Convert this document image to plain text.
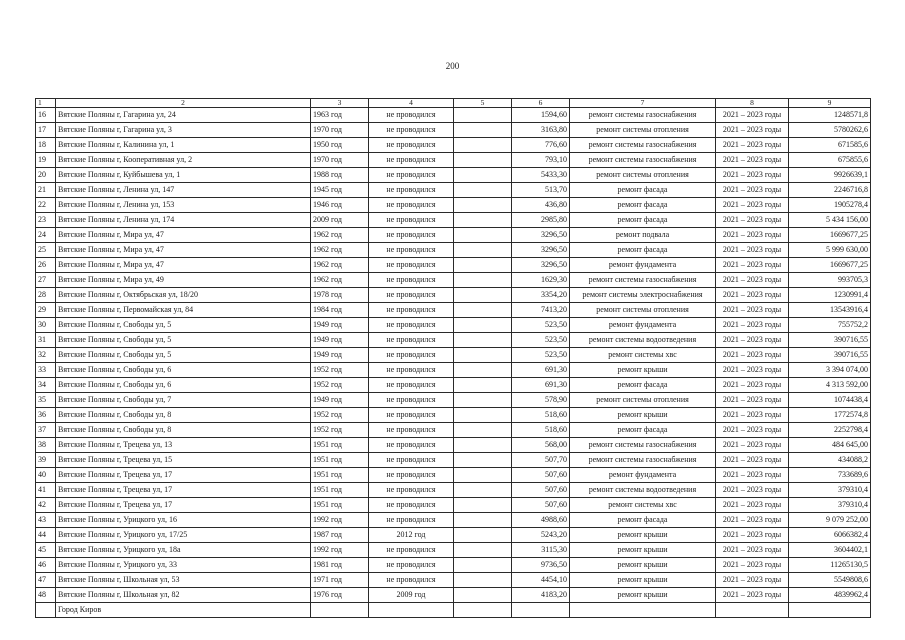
200
1	2	3	4	5	6	7	8	9
16	Вятские Поляны г, Гагарина ул, 24	1963 год	не проводился		1594,60	ремонт системы газоснабжения	2021 – 2023 годы	1248571,8
17	Вятские Поляны г, Гагарина ул, 3	1970 год	не проводился		3163,80	ремонт системы отопления	2021 – 2023 годы	5780262,6
18	Вятские Поляны г, Калинина ул, 1	1950 год	не проводился		776,60	ремонт системы газоснабжения	2021 – 2023 годы	671585,6
19	Вятские Поляны г, Кооперативная ул, 2	1970 год	не проводился		793,10	ремонт системы газоснабжения	2021 – 2023 годы	675855,6
20	Вятские Поляны г, Куйбышева ул, 1	1988 год	не проводился		5433,30	ремонт системы отопления	2021 – 2023 годы	9926639,1
21	Вятские Поляны г, Ленина ул, 147	1945 год	не проводился		513,70	ремонт фасада	2021 – 2023 годы	2246716,8
22	Вятские Поляны г, Ленина ул, 153	1946 год	не проводился		436,80	ремонт фасада	2021 – 2023 годы	1905278,4
23	Вятские Поляны г, Ленина ул, 174	2009 год	не проводился		2985,80	ремонт фасада	2021 – 2023 годы	5 434 156,00
24	Вятские Поляны г, Мира ул, 47	1962 год	не проводился		3296,50	ремонт подвала	2021 – 2023 годы	1669677,25
25	Вятские Поляны г, Мира ул, 47	1962 год	не проводился		3296,50	ремонт фасада	2021 – 2023 годы	5 999 630,00
26	Вятские Поляны г, Мира ул, 47	1962 год	не проводился		3296,50	ремонт фундамента	2021 – 2023 годы	1669677,25
27	Вятские Поляны г, Мира ул, 49	1962 год	не проводился		1629,30	ремонт системы газоснабжения	2021 – 2023 годы	993705,3
28	Вятские Поляны г, Октябрьская ул, 18/20	1978 год	не проводился		3354,20	ремонт системы электроснабжения	2021 – 2023 годы	1230991,4
29	Вятские Поляны г, Первомайская ул, 84	1984 год	не проводился		7413,20	ремонт системы отопления	2021 – 2023 годы	13543916,4
30	Вятские Поляны г, Свободы ул, 5	1949 год	не проводился		523,50	ремонт фундамента	2021 – 2023 годы	755752,2
31	Вятские Поляны г, Свободы ул, 5	1949 год	не проводился		523,50	ремонт системы водоотведения	2021 – 2023 годы	390716,55
32	Вятские Поляны г, Свободы ул, 5	1949 год	не проводился		523,50	ремонт системы хвс	2021 – 2023 годы	390716,55
33	Вятские Поляны г, Свободы ул, 6	1952 год	не проводился		691,30	ремонт крыши	2021 – 2023 годы	3 394 074,00
34	Вятские Поляны г, Свободы ул, 6	1952 год	не проводился		691,30	ремонт фасада	2021 – 2023 годы	4 313 592,00
35	Вятские Поляны г, Свободы ул, 7	1949 год	не проводился		578,90	ремонт системы отопления	2021 – 2023 годы	1074438,4
36	Вятские Поляны г, Свободы ул, 8	1952 год	не проводился		518,60	ремонт крыши	2021 – 2023 годы	1772574,8
37	Вятские Поляны г, Свободы ул, 8	1952 год	не проводился		518,60	ремонт фасада	2021 – 2023 годы	2252798,4
38	Вятские Поляны г, Трецева ул, 13	1951 год	не проводился		568,00	ремонт системы газоснабжения	2021 – 2023 годы	484 645,00
39	Вятские Поляны г, Трецева ул, 15	1951 год	не проводился		507,70	ремонт системы газоснабжения	2021 – 2023 годы	434088,2
40	Вятские Поляны г, Трецева ул, 17	1951 год	не проводился		507,60	ремонт фундамента	2021 – 2023 годы	733689,6
41	Вятские Поляны г, Трецева ул, 17	1951 год	не проводился		507,60	ремонт системы водоотведения	2021 – 2023 годы	379310,4
42	Вятские Поляны г, Трецева ул, 17	1951 год	не проводился		507,60	ремонт системы хвс	2021 – 2023 годы	379310,4
43	Вятские Поляны г, Урицкого ул, 16	1992 год	не проводился		4988,60	ремонт фасада	2021 – 2023 годы	9 079 252,00
44	Вятские Поляны г, Урицкого ул, 17/25	1987 год	2012 год		5243,20	ремонт крыши	2021 – 2023 годы	6066382,4
45	Вятские Поляны г, Урицкого ул, 18а	1992 год	не проводился		3115,30	ремонт крыши	2021 – 2023 годы	3604402,1
46	Вятские Поляны г, Урицкого ул, 33	1981 год	не проводился		9736,50	ремонт крыши	2021 – 2023 годы	11265130,5
47	Вятские Поляны г, Школьная ул, 53	1971 год	не проводился		4454,10	ремонт крыши	2021 – 2023 годы	5549808,6
48	Вятские Поляны г, Школьная ул, 82	1976 год	2009 год		4183,20	ремонт крыши	2021 – 2023 годы	4839962,4
	Город Киров							
